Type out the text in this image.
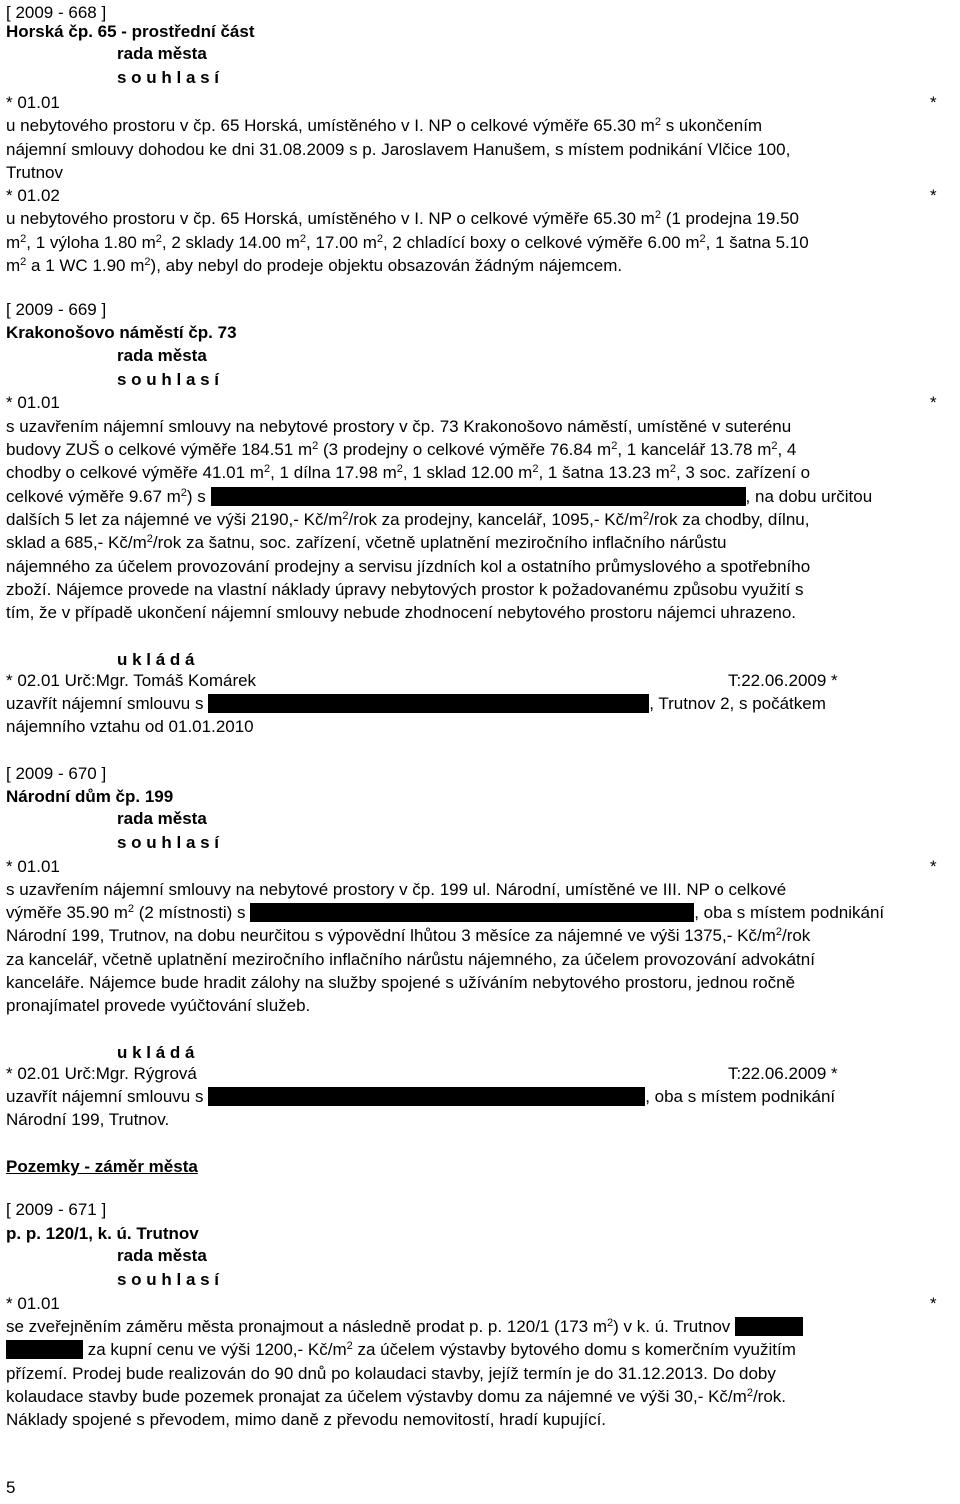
[ 2009 - 668 ]
Horská čp. 65 - prostřední část
rada města
s o u h l a s í
* 01.01	*
u nebytového prostoru v čp. 65 Horská, umístěného v I. NP o celkové výměře 65.30 $m^2$ s ukončením
nájemní smlouvy dohodou ke dni 31.08.2009 s p. Jaroslavem Hanušem, s místem podnikání Vlčice 100,
Trutnov
* 01.02	*
u nebytového prostoru v čp. 65 Horská, umístěného v I. NP o celkové výměře 65.30 $m^2$ (1 prodejna 19.50
$m^2$, 1 výloha 1.80 $m^2$, 2 sklady 14.00 $m^2$, 17.00 $m^2$, 2 chladící boxy o celkové výměře 6.00 $m^2$, 1 šatna 5.10
$m^2$ a 1 WC 1.90 $m^2$), aby nebyl do prodeje objektu obsazován žádným nájemcem.
[ 2009 - 669 ]
Krakonošovo náměstí čp. 73
rada města
s o u h l a s í
* 01.01	*
s uzavřením nájemní smlouvy na nebytové prostory v čp. 73 Krakonošovo náměstí, umístěné v suterénu
budovy ZUŠ o celkové výměře 184.51 $m^2$ (3 prodejny o celkové výměře 76.84 $m^2$, 1 kancelář 13.78 $m^2$, 4
chodby o celkové výměře 41.01 $m^2$, 1 dílna 17.98 $m^2$, 1 sklad 12.00 $m^2$, 1 šatna 13.23 $m^2$, 3 soc. zařízení o
celkové výměře 9.67 $m^2$) s	, na dobu určitou
dalších 5 let za nájemné ve výši 2190,- $Kč/m^2$/rok za prodejny, kancelář, 1095,- $Kč/m^2$/rok za chodby, dílnu,
sklad a 685,- $Kč/m^2$/rok za šatnu, soc. zařízení, včetně uplatnění meziročního inflačního nárůstu
nájemného za účelem provozování prodejny a servisu jízdních kol a ostatního průmyslového a spotřebního
zboží. Nájemce provede na vlastní náklady úpravy nebytových prostor k požadovanému způsobu využití s
tím, že v případě ukončení nájemní smlouvy nebude zhodnocení nebytového prostoru nájemci uhrazeno.
u k l á d á
* 02.01 Urč:Mgr. Tomáš Komárek	T:22.06.2009 *
uzavřít nájemní smlouvu s	, Trutnov 2, s počátkem
nájemního vztahu od 01.01.2010
[ 2009 - 670 ]
Národní dům čp. 199
rada města
s o u h l a s í
* 01.01	*
s uzavřením nájemní smlouvy na nebytové prostory v čp. 199 ul. Národní, umístěné ve III. NP o celkové
výměře 35.90 $m^2$ (2 místnosti) s	, oba s místem podnikání
Národní 199, Trutnov, na dobu neurčitou s výpovědní lhůtou 3 měsíce za nájemné ve výši 1375,- $Kč/m^2$/rok
za kancelář, včetně uplatnění meziročního inflačního nárůstu nájemného, za účelem provozování advokátní
kanceláře. Nájemce bude hradit zálohy na služby spojené s užíváním nebytového prostoru, jednou ročně
pronajímatel provede vyúčtování služeb.
u k l á d á
* 02.01 Urč:Mgr. Rýgrová	T:22.06.2009 *
uzavřít nájemní smlouvu s	, oba s místem podnikání
Národní 199, Trutnov.
Pozemky - záměr města
[ 2009 - 671 ]
p. p. 120/1, k. ú. Trutnov
rada města
s o u h l a s í
* 01.01	*
se zveřejněním záměru města pronajmout a následně prodat p. p. 120/1 (173 $m^2$) v k. ú. Trutnov
za kupní cenu ve výši 1200,- $Kč/m^2$ za účelem výstavby bytového domu s komerčním využitím
přízemí. Prodej bude realizován do 90 dnů po kolaudaci stavby, jejíž termín je do 31.12.2013. Do doby
kolaudace stavby bude pozemek pronajat za účelem výstavby domu za nájemné ve výši 30,- $Kč/m^2$/rok.
Náklady spojené s převodem, mimo daně z převodu nemovitostí, hradí kupující.
5
